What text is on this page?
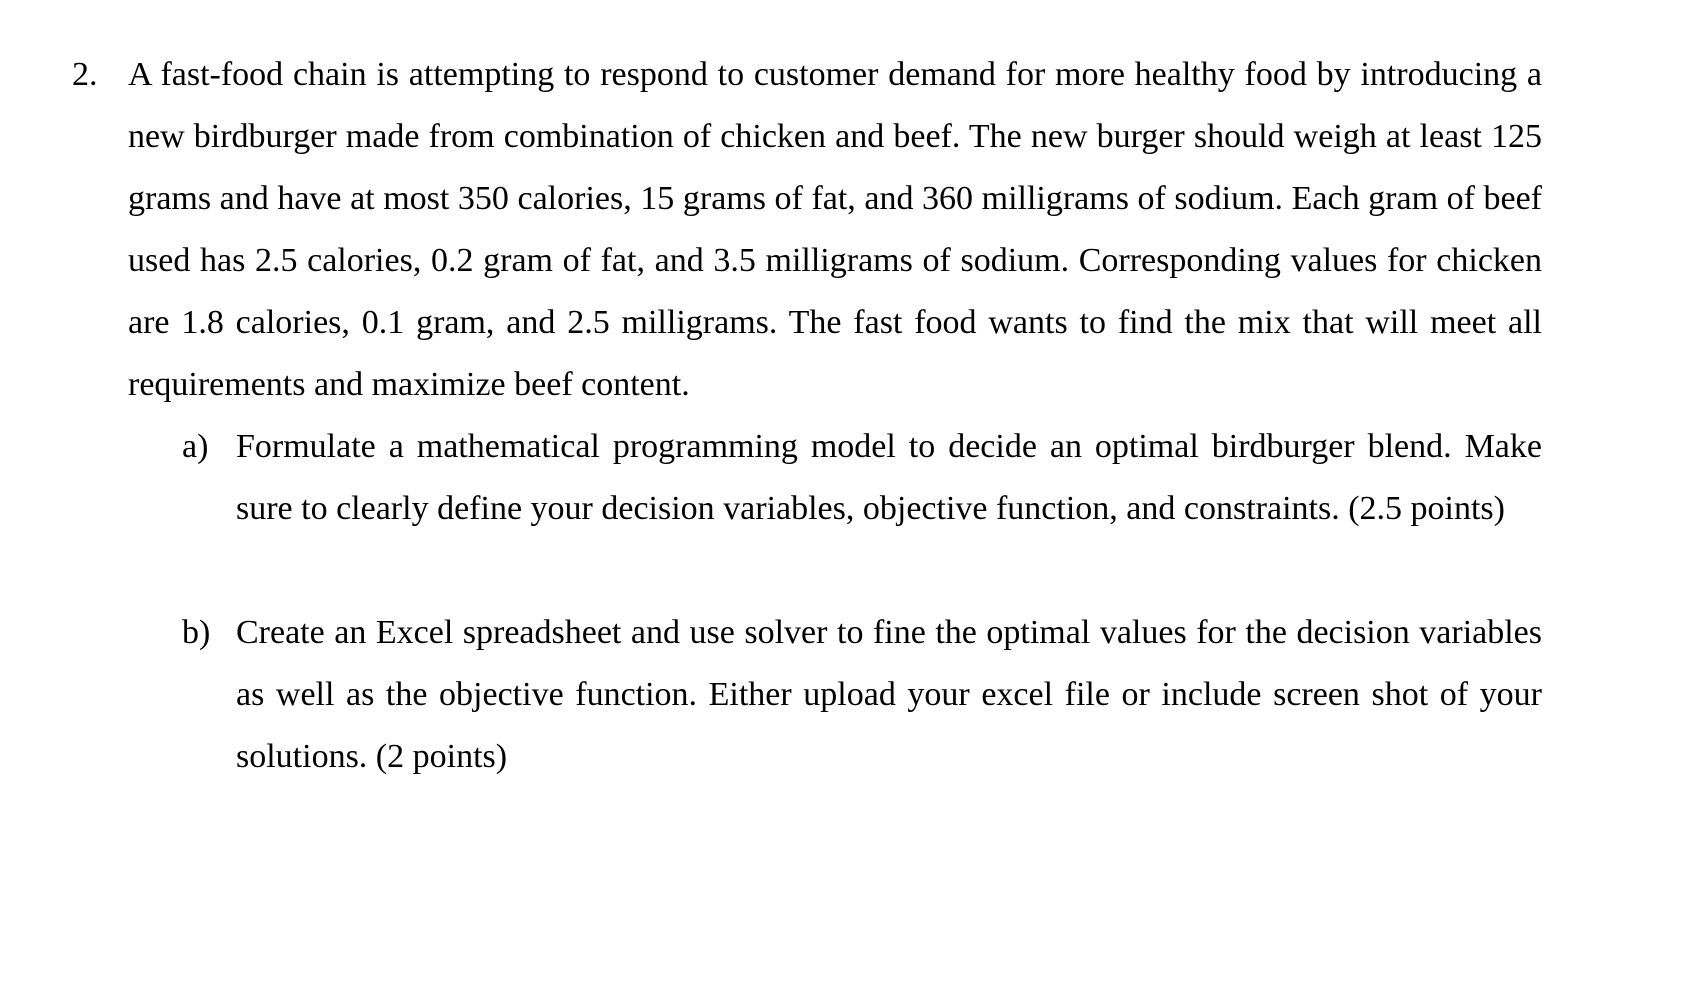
2. A fast-food chain is attempting to respond to customer demand for more healthy food by introducing a new birdburger made from combination of chicken and beef. The new burger should weigh at least 125 grams and have at most 350 calories, 15 grams of fat, and 360 milligrams of sodium. Each gram of beef used has 2.5 calories, 0.2 gram of fat, and 3.5 milligrams of sodium. Corresponding values for chicken are 1.8 calories, 0.1 gram, and 2.5 milligrams. The fast food wants to find the mix that will meet all requirements and maximize beef content.

a) Formulate a mathematical programming model to decide an optimal birdburger blend. Make sure to clearly define your decision variables, objective function, and constraints. (2.5 points)

b) Create an Excel spreadsheet and use solver to fine the optimal values for the decision variables as well as the objective function. Either upload your excel file or include screen shot of your solutions. (2 points)
